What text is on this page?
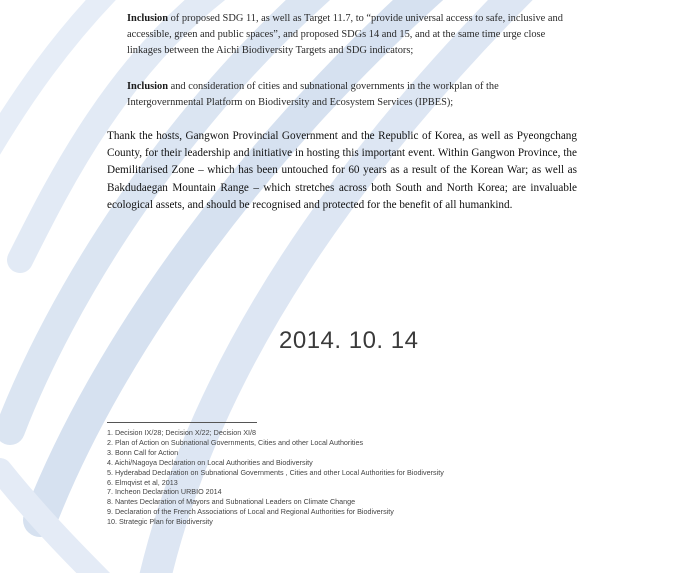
Inclusion of proposed SDG 11, as well as Target 11.7, to “provide universal access to safe, inclusive and accessible, green and public spaces”, and proposed SDGs 14 and 15, and at the same time urge close linkages between the Aichi Biodiversity Targets and SDG indicators;
Inclusion and consideration of cities and subnational governments in the workplan of the Intergovernmental Platform on Biodiversity and Ecosystem Services (IPBES);
Thank the hosts, Gangwon Provincial Government and the Republic of Korea, as well as Pyeongchang County, for their leadership and initiative in hosting this important event. Within Gangwon Province, the Demilitarised Zone – which has been untouched for 60 years as a result of the Korean War; as well as Bakdudaegan Mountain Range – which stretches across both South and North Korea; are invaluable ecological assets, and should be recognised and protected for the benefit of all humankind.
2014. 10. 14
1. Decision IX/28; Decision X/22; Decision XI/8
2. Plan of Action on Subnational Governments, Cities and other Local Authorities
3. Bonn Call for Action
4. Aichi/Nagoya Declaration on Local Authorities and Biodiversity
5. Hyderabad Declaration on Subnational Governments , Cities and other Local Authorities for Biodiversity
6. Elmqvist et al, 2013
7. Incheon Declaration URBIO 2014
8. Nantes Declaration of Mayors and Subnational Leaders on Climate Change
9. Declaration of the French Associations of Local and Regional Authorities for Biodiversity
10. Strategic Plan for Biodiversity
